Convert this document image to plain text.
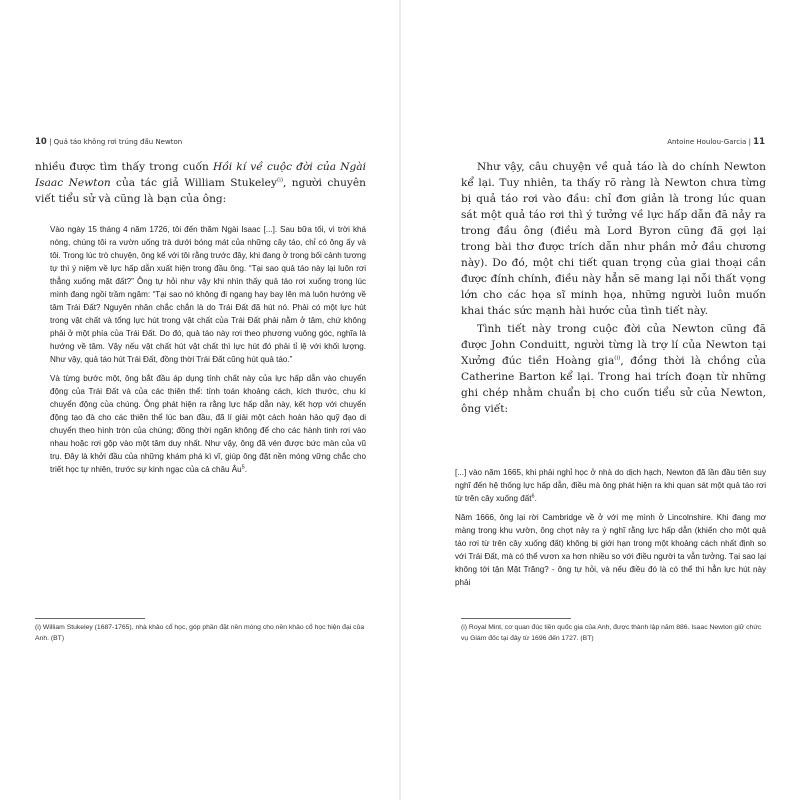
10 | Quả táo không rơi trúng đầu Newton

nhiều được tìm thấy trong cuốn Hồi kí về cuộc đời của Ngài Isaac Newton của tác giả William Stukeley$^{(i)}$, người chuyên viết tiểu sử và cũng là bạn của ông:

Vào ngày 15 tháng 4 năm 1726, tôi đến thăm Ngài Isaac [...]. Sau bữa tối, vì trời khá nóng, chúng tôi ra vườn uống trà dưới bóng mát của những cây táo, chỉ có ông ấy và tôi. Trong lúc trò chuyện, ông kể với tôi rằng trước đây, khi đang ở trong bối cảnh tương tự thì ý niệm về lực hấp dẫn xuất hiện trong đầu ông. “Tại sao quả táo này lại luôn rơi thẳng xuống mặt đất?” Ông tự hỏi như vậy khi nhìn thấy quả táo rơi xuống trong lúc mình đang ngồi trầm ngâm: “Tại sao nó không đi ngang hay bay lên mà luôn hướng về tâm Trái Đất? Nguyên nhân chắc chắn là do Trái Đất đã hút nó. Phải có một lực hút trong vật chất và tổng lực hút trong vật chất của Trái Đất phải nằm ở tâm, chứ không phải ở một phía của Trái Đất. Do đó, quả táo này rơi theo phương vuông góc, nghĩa là hướng về tâm. Vậy nếu vật chất hút vật chất thì lực hút đó phải tỉ lệ với khối lượng. Như vậy, quả táo hút Trái Đất, đồng thời Trái Đất cũng hút quả táo.”

Và từng bước một, ông bắt đầu áp dụng tính chất này của lực hấp dẫn vào chuyển động của Trái Đất và của các thiên thể: tính toán khoảng cách, kích thước, chu kì chuyển động của chúng. Ông phát hiện ra rằng lực hấp dẫn này, kết hợp với chuyển động tạo đà cho các thiên thể lúc ban đầu, đã lí giải một cách hoàn hảo quỹ đạo di chuyển theo hình tròn của chúng; đồng thời ngăn không để cho các hành tinh rơi vào nhau hoặc rơi gộp vào một tâm duy nhất. Như vậy, ông đã vén được bức màn của vũ trụ. Đây là khởi đầu của những khám phá kì vĩ, giúp ông đặt nền móng vững chắc cho triết học tự nhiên, trước sự kinh ngạc của cả châu $Âu^5$.

(i) William Stukeley (1687-1765), nhà khảo cổ học, góp phần đặt nền móng cho nền khảo cổ học hiện đại của Anh. (BT)
Antoine Houlou-Garcia | 11

Như vậy, câu chuyện về quả táo là do chính Newton kể lại. Tuy nhiên, ta thấy rõ ràng là Newton chưa từng bị quả táo rơi vào đầu: chỉ đơn giản là trong lúc quan sát một quả táo rơi thì ý tưởng về lực hấp dẫn đã nảy ra trong đầu ông (điều mà Lord Byron cũng đã gợi lại trong bài thơ được trích dẫn như phần mở đầu chương này). Do đó, một chi tiết quan trọng của giai thoại cần được đính chính, điều này hẳn sẽ mang lại nỗi thất vọng lớn cho các họa sĩ minh họa, những người luôn muốn khai thác sức mạnh hài hước của tình tiết này.

Tình tiết này trong cuộc đời của Newton cũng đã được John Conduitt, người từng là trợ lí của Newton tại Xưởng đúc tiền Hoàng gia$^{(i)}$, đồng thời là chồng của Catherine Barton kể lại. Trong hai trích đoạn từ những ghi chép nhằm chuẩn bị cho cuốn tiểu sử của Newton, ông viết:

[...] vào năm 1665, khi phải nghỉ học ở nhà do dịch hạch, Newton đã lần đầu tiên suy nghĩ đến hệ thống lực hấp dẫn, điều mà ông phát hiện ra khi quan sát một quả táo rơi từ trên cây xuống đất$^6$.

Năm 1666, ông lại rời Cambridge về ở với mẹ mình ở Lincolnshire. Khi đang mơ màng trong khu vườn, ông chợt nảy ra ý nghĩ rằng lực hấp dẫn (khiến cho một quả táo rơi từ trên cây xuống đất) không bị giới hạn trong một khoảng cách nhất định so với Trái Đất, mà có thể vươn xa hơn nhiều so với điều người ta vẫn tưởng. Tại sao lại không tới tận Mặt Trăng? - ông tự hỏi, và nếu điều đó là có thể thì hẳn lực hút này phải

(i) Royal Mint, cơ quan đúc tiền quốc gia của Anh, được thành lập năm 886. Isaac Newton giữ chức vụ Giám đốc tại đây từ 1696 đến 1727. (BT)
